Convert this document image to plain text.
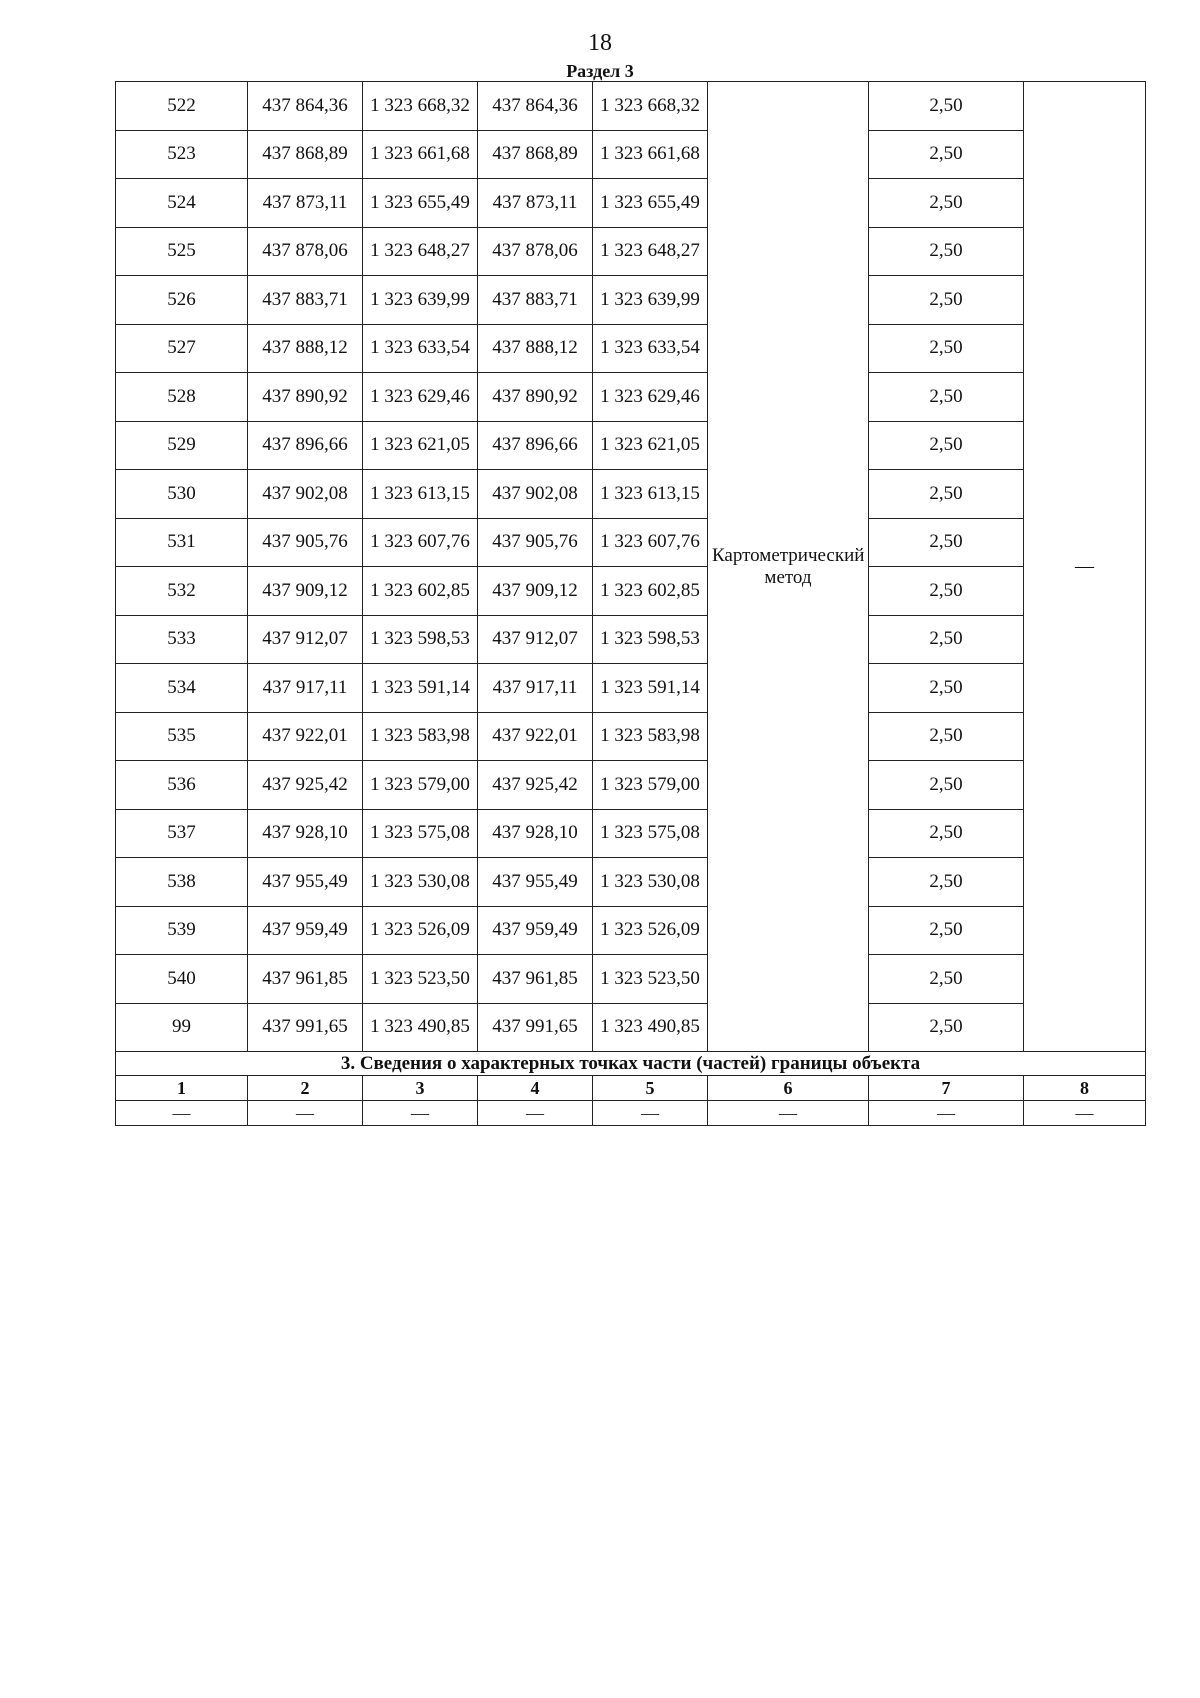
18
Раздел 3
522	437 864,36	1 323 668,32	437 864,36	1 323 668,32	Картометрический метод	2,50	—
523	437 868,89	1 323 661,68	437 868,89	1 323 661,68		2,50	
524	437 873,11	1 323 655,49	437 873,11	1 323 655,49		2,50	
525	437 878,06	1 323 648,27	437 878,06	1 323 648,27		2,50	
526	437 883,71	1 323 639,99	437 883,71	1 323 639,99		2,50	
527	437 888,12	1 323 633,54	437 888,12	1 323 633,54		2,50	
528	437 890,92	1 323 629,46	437 890,92	1 323 629,46		2,50	
529	437 896,66	1 323 621,05	437 896,66	1 323 621,05		2,50	
530	437 902,08	1 323 613,15	437 902,08	1 323 613,15		2,50	
531	437 905,76	1 323 607,76	437 905,76	1 323 607,76		2,50	
532	437 909,12	1 323 602,85	437 909,12	1 323 602,85		2,50	
533	437 912,07	1 323 598,53	437 912,07	1 323 598,53		2,50	
534	437 917,11	1 323 591,14	437 917,11	1 323 591,14		2,50	
535	437 922,01	1 323 583,98	437 922,01	1 323 583,98		2,50	
536	437 925,42	1 323 579,00	437 925,42	1 323 579,00		2,50	
537	437 928,10	1 323 575,08	437 928,10	1 323 575,08		2,50	
538	437 955,49	1 323 530,08	437 955,49	1 323 530,08		2,50	
539	437 959,49	1 323 526,09	437 959,49	1 323 526,09		2,50	
540	437 961,85	1 323 523,50	437 961,85	1 323 523,50		2,50	
99	437 991,65	1 323 490,85	437 991,65	1 323 490,85		2,50	
3. Сведения о характерных точках части (частей) границы объекта							
1	2	3	4	5	6	7	8
—	—	—	—	—	—	—	—
